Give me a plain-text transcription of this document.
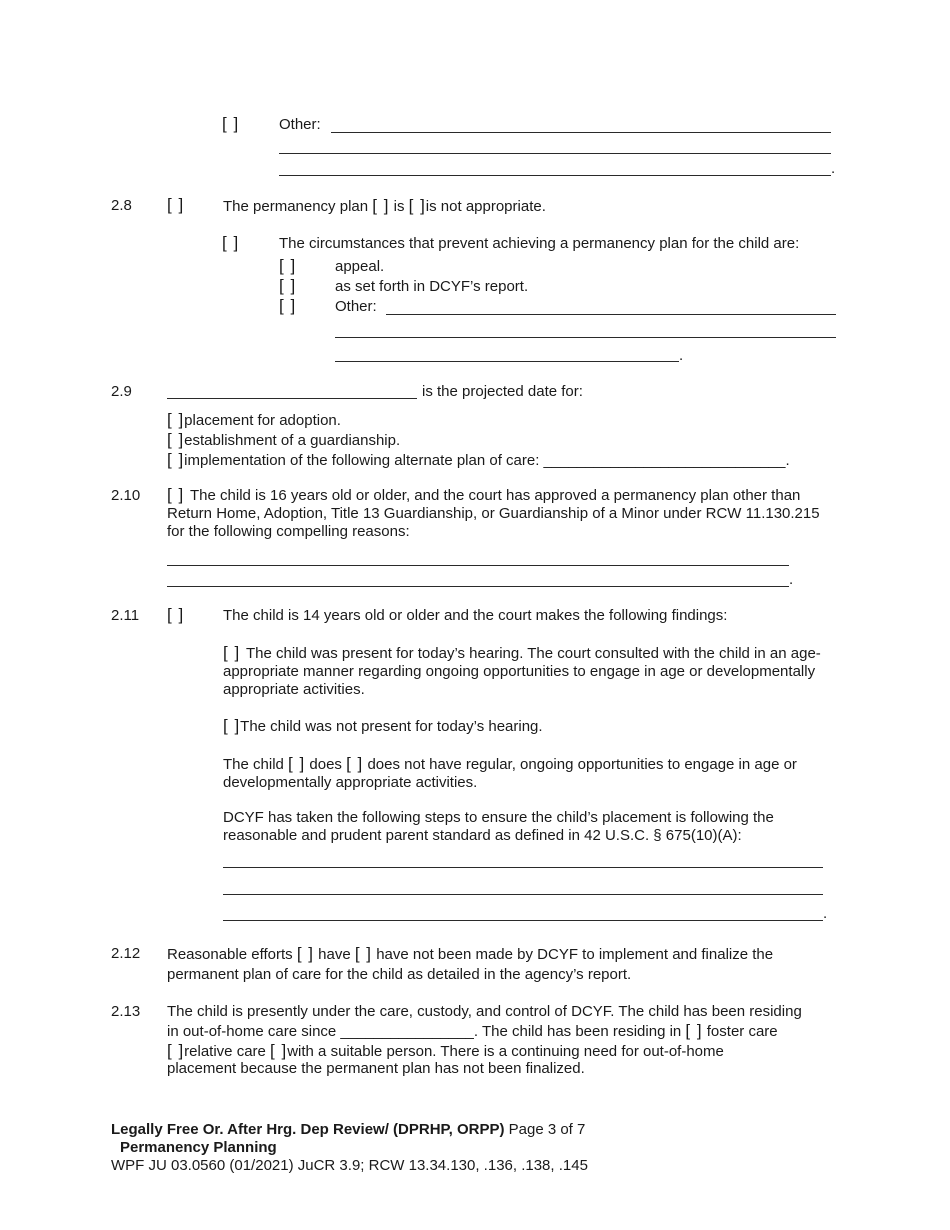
[ ]	Other:
.
2.8 [ ]	The permanency plan [ ] is [ ]is not appropriate.
[ ]	The circumstances that prevent achieving a permanency plan for the child are:
[ ]	appeal.
[ ]	as set forth in DCYF’s report.
[ ]	Other:
.
2.9	is the projected date for:
[ ]placement for adoption.
[ ]establishment of a guardianship.
[ ]implementation of the following alternate plan of care: _____________________________.
2.10 [ ] The child is 16 years old or older, and the court has approved a permanency plan other than Return Home, Adoption, Title 13 Guardianship, or Guardianship of a Minor under RCW 11.130.215 for the following compelling reasons:
.
2.11 [ ]	The child is 14 years old or older and the court makes the following findings:
[ ] The child was present for today’s hearing. The court consulted with the child in an age-appropriate manner regarding ongoing opportunities to engage in age or developmentally appropriate activities.
[ ]The child was not present for today’s hearing.
The child [ ] does [ ] does not have regular, ongoing opportunities to engage in age or developmentally appropriate activities.
DCYF has taken the following steps to ensure the child’s placement is following the reasonable and prudent parent standard as defined in 42 U.S.C. § 675(10)(A):
.
2.12 Reasonable efforts [ ] have [ ] have not been made by DCYF to implement and finalize the
permanent plan of care for the child as detailed in the agency’s report.
2.13 The child is presently under the care, custody, and control of DCYF. The child has been residing
in out-of-home care since ________________. The child has been residing in [ ] foster care
[ ]relative care [ ]with a suitable person. There is a continuing need for out-of-home
placement because the permanent plan has not been finalized.
Legally Free Or. After Hrg. Dep Review/ (DPRHP, ORPP) Page 3 of 7
Permanency Planning
WPF JU 03.0560 (01/2021) JuCR 3.9; RCW 13.34.130, .136, .138, .145
